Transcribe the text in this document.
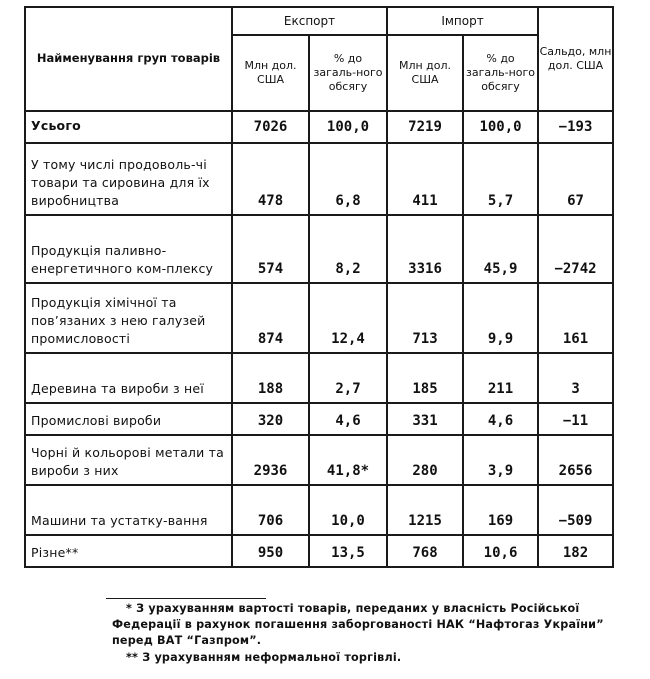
Найменування груп товарів	Експорт		Імпорт		Сальдо, млн дол. США
	Млн дол. США	% до загаль-ного обсягу	Млн дол. США	% до загаль-ного обсягу	
Усього	7026	100,0	7219	100,0	−193
У тому числі продоволь-чі товари та сировина для їх виробництва	478	6,8	411	5,7	67
Продукція паливно-енергетичного ком-плексу	574	8,2	3316	45,9	−2742
Продукція хімічної та пов’язаних з нею галузей промисловості	874	12,4	713	9,9	161
Деревина та вироби з неї	188	2,7	185	211	3
Промислові вироби	320	4,6	331	4,6	−11
Чорні й кольорові метали та вироби з них	2936	41,8*	280	3,9	2656
Машини та устатку-вання	706	10,0	1215	169	−509
Різне**	950	13,5	768	10,6	182

* З урахуванням вартості товарів, переданих у власність Російської Федерації в рахунок погашення заборгованості НАК “Нафтогаз України” перед ВАТ “Газпром”.

** З урахуванням неформальної торгівлі.
